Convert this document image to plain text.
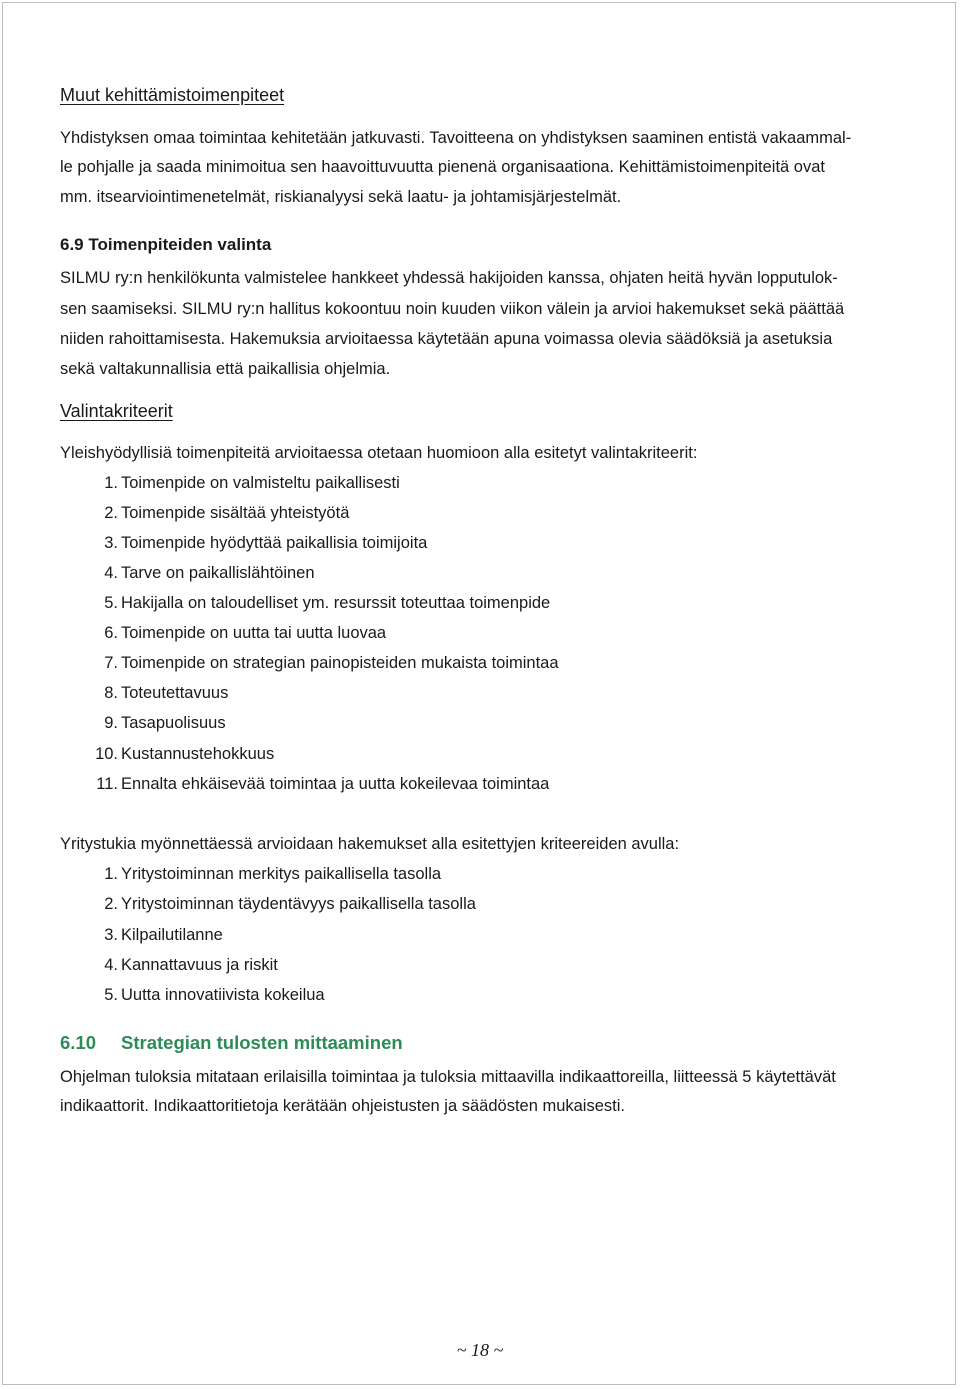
Muut kehittämistoimenpiteet
Yhdistyksen omaa toimintaa kehitetään jatkuvasti. Tavoitteena on yhdistyksen saaminen entistä vakaammal-
le pohjalle ja saada minimoitua sen haavoittuvuutta pienenä organisaationa. Kehittämistoimenpiteitä ovat
mm. itsearviointimenetelmät, riskianalyysi sekä laatu- ja johtamisjärjestelmät.
6.9 Toimenpiteiden valinta
SILMU ry:n henkilökunta valmistelee hankkeet yhdessä hakijoiden kanssa, ohjaten heitä hyvän lopputulok-
sen saamiseksi. SILMU ry:n hallitus kokoontuu noin kuuden viikon välein ja arvioi hakemukset sekä päättää
niiden rahoittamisesta. Hakemuksia arvioitaessa käytetään apuna voimassa olevia säädöksiä ja asetuksia
sekä valtakunnallisia että paikallisia ohjelmia.
Valintakriteerit
Yleishyödyllisiä toimenpiteitä arvioitaessa otetaan huomioon alla esitetyt valintakriteerit:
1. Toimenpide on valmisteltu paikallisesti
2. Toimenpide sisältää yhteistyötä
3. Toimenpide hyödyttää paikallisia toimijoita
4. Tarve on paikallislähtöinen
5. Hakijalla on taloudelliset ym. resurssit toteuttaa toimenpide
6. Toimenpide on uutta tai uutta luovaa
7. Toimenpide on strategian painopisteiden mukaista toimintaa
8. Toteutettavuus
9. Tasapuolisuus
10. Kustannustehokkuus
11. Ennalta ehkäisevää toimintaa ja uutta kokeilevaa toimintaa
Yritystukia myönnettäessä arvioidaan hakemukset alla esitettyjen kriteereiden avulla:
1. Yritystoiminnan merkitys paikallisella tasolla
2. Yritystoiminnan täydentävyys paikallisella tasolla
3. Kilpailutilanne
4. Kannattavuus ja riskit
5. Uutta innovatiivista kokeilua
6.10 Strategian tulosten mittaaminen
Ohjelman tuloksia mitataan erilaisilla toimintaa ja tuloksia mittaavilla indikaattoreilla, liitteessä 5 käytettävät
indikaattorit. Indikaattoritietoja kerätään ohjeistusten ja säädösten mukaisesti.
~ 18 ~
